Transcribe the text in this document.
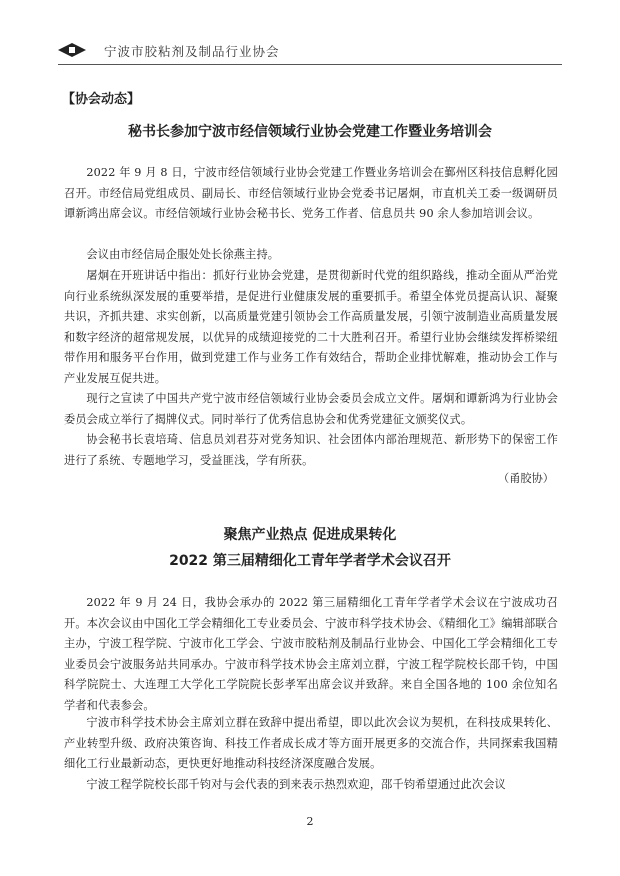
宁波市胶粘剂及制品行业协会
【协会动态】
秘书长参加宁波市经信领域行业协会党建工作暨业务培训会

2022 年 9 月 8 日，宁波市经信领域行业协会党建工作暨业务培训会在鄞州区科技信息孵化园召开。市经信局党组成员、副局长、市经信领域行业协会党委书记屠炯，市直机关工委一级调研员谭新鸿出席会议。市经信领域行业协会秘书长、党务工作者、信息员共 90 余人参加培训会议。

会议由市经信局企服处处长徐燕主持。

屠炯在开班讲话中指出：抓好行业协会党建，是贯彻新时代党的组织路线，推动全面从严治党向行业系统纵深发展的重要举措，是促进行业健康发展的重要抓手。希望全体党员提高认识、凝聚共识，齐抓共建、求实创新，以高质量党建引领协会工作高质量发展，引领宁波制造业高质量发展和数字经济的超常规发展，以优异的成绩迎接党的二十大胜利召开。希望行业协会继续发挥桥梁纽带作用和服务平台作用，做到党建工作与业务工作有效结合，帮助企业排忧解难，推动协会工作与产业发展互促共进。

现行之宣读了中国共产党宁波市经信领域行业协会委员会成立文件。屠炯和谭新鸿为行业协会委员会成立举行了揭牌仪式。同时举行了优秀信息协会和优秀党建征文颁奖仪式。

协会秘书长袁培琦、信息员刘君芬对党务知识、社会团体内部治理规范、新形势下的保密工作进行了系统、专题地学习，受益匪浅，学有所获。

（甬胶协）
聚焦产业热点 促进成果转化
2022 第三届精细化工青年学者学术会议召开

2022 年 9 月 24 日，我协会承办的 2022 第三届精细化工青年学者学术会议在宁波成功召开。本次会议由中国化工学会精细化工专业委员会、宁波市科学技术协会、《精细化工》编辑部联合主办，宁波工程学院、宁波市化工学会、宁波市胶粘剂及制品行业协会、中国化工学会精细化工专业委员会宁波服务站共同承办。宁波市科学技术协会主席刘立群，宁波工程学院校长邵千钧，中国科学院院士、大连理工大学化工学院院长彭孝军出席会议并致辞。来自全国各地的 100 余位知名学者和代表参会。

宁波市科学技术协会主席刘立群在致辞中提出希望，即以此次会议为契机，在科技成果转化、产业转型升级、政府决策咨询、科技工作者成长成才等方面开展更多的交流合作，共同探索我国精细化工行业最新动态，更快更好地推动科技经济深度融合发展。

宁波工程学院校长邵千钧对与会代表的到来表示热烈欢迎，邵千钧希望通过此次会议

2
